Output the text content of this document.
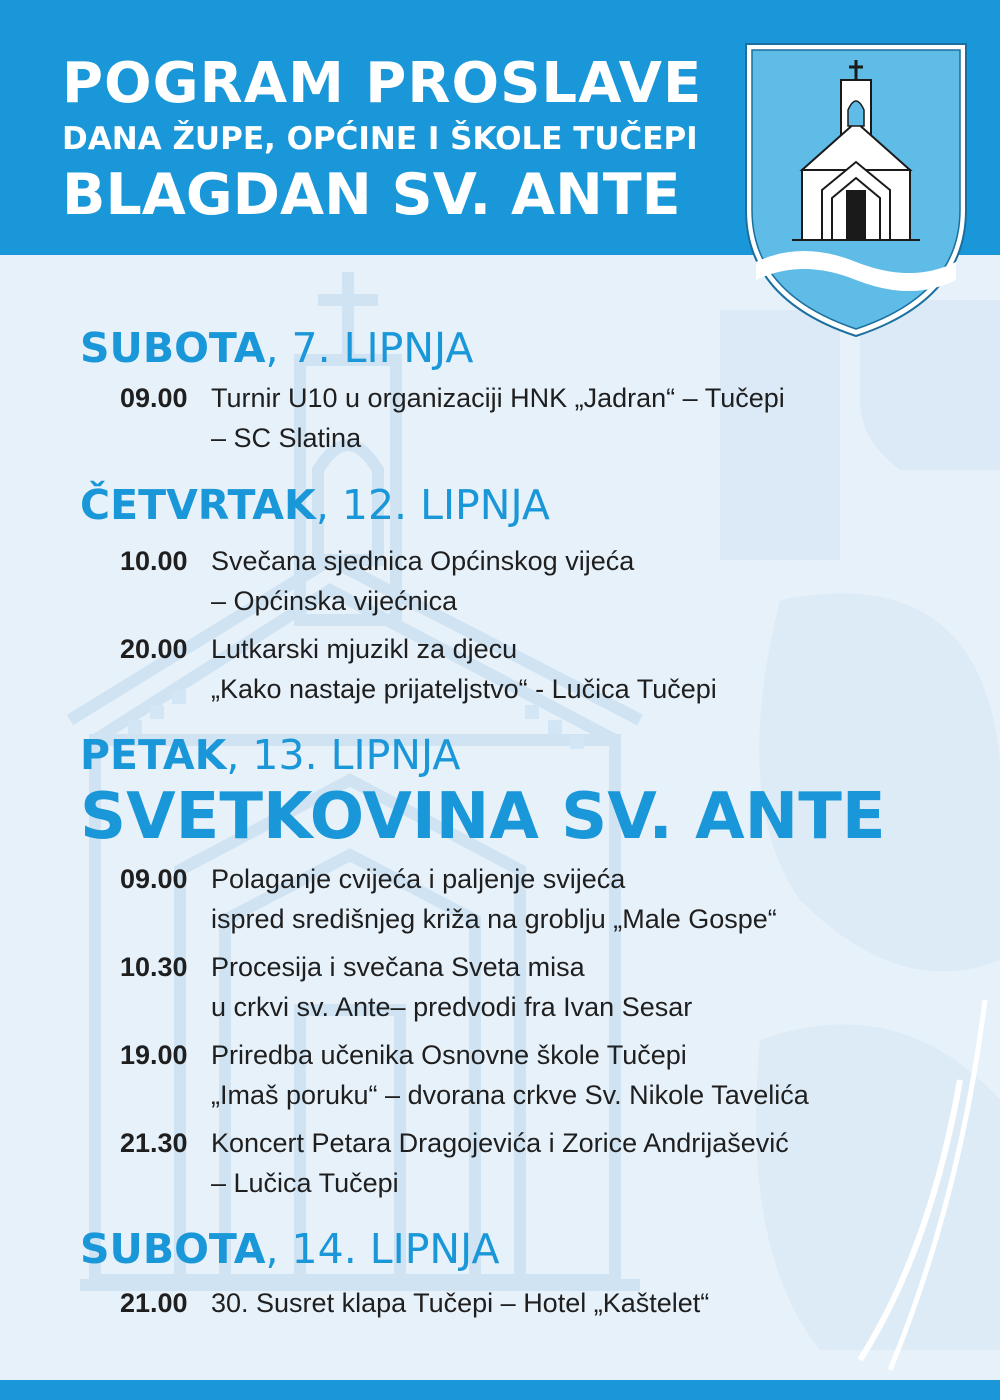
POGRAM PROSLAVE
DANA ŽUPE, OPĆINE I ŠKOLE TUČEPI
BLAGDAN SV. ANTE
SUBOTA, 7. LIPNJA
09.00 Turnir U10 u organizaciji HNK „Jadran“ – Tučepi
– SC Slatina
ČETVRTAK, 12. LIPNJA
10.00 Svečana sjednica Općinskog vijeća
– Općinska vijećnica
20.00 Lutkarski mjuzikl za djecu
„Kako nastaje prijateljstvo“ - Lučica Tučepi
PETAK, 13. LIPNJA
SVETKOVINA SV. ANTE
09.00 Polaganje cvijeća i paljenje svijeća
ispred središnjeg križa na groblju „Male Gospe“
10.30 Procesija i svečana Sveta misa
u crkvi sv. Ante– predvodi fra Ivan Sesar
19.00 Priredba učenika Osnovne škole Tučepi
„Imaš poruku“ – dvorana crkve Sv. Nikole Tavelića
21.30 Koncert Petara Dragojevića i Zorice Andrijašević
– Lučica Tučepi
SUBOTA, 14. LIPNJA
21.00 30. Susret klapa Tučepi – Hotel „Kaštelet“
